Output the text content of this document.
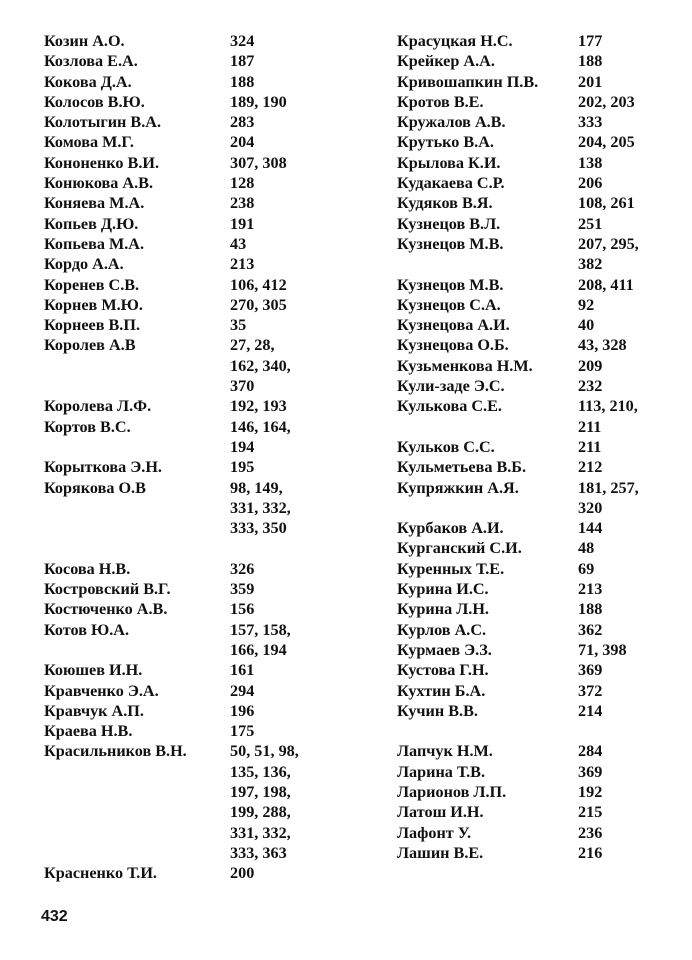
Козин А.О.	324
Козлова Е.А.	187
Кокова Д.А.	188
Колосов В.Ю.	189, 190
Колотыгин В.А.	283
Комова М.Г.	204
Кононенко В.И.	307, 308
Конюкова А.В.	128
Коняева М.А.	238
Копьев Д.Ю.	191
Копьева М.А.	43
Кордо А.А.	213
Коренев С.В.	106, 412
Корнев М.Ю.	270, 305
Корнеев В.П.	35
Королев А.В	27, 28,
162, 340,
370
Королева Л.Ф.	192, 193
Кортов В.С.	146, 164,
194
Корыткова Э.Н.	195
Корякова О.В	98, 149,
331, 332,
333, 350
Косова Н.В.	326
Костровский В.Г.	359
Костюченко А.В.	156
Котов Ю.А.	157, 158,
166, 194
Коюшев И.Н.	161
Кравченко Э.А.	294
Кравчук А.П.	196
Краева Н.В.	175
Красильников В.Н.	50, 51, 98,
135, 136,
197, 198,
199, 288,
331, 332,
333, 363
Красненко Т.И.	200
Красуцкая Н.С.	177
Крейкер А.А.	188
Кривошапкин П.В.	201
Кротов В.Е.	202, 203
Кружалов А.В.	333
Крутько В.А.	204, 205
Крылова К.И.	138
Кудакаева С.Р.	206
Кудяков В.Я.	108, 261
Кузнецов В.Л.	251
Кузнецов М.В.	207, 295,
382
Кузнецов М.В.	208, 411
Кузнецов С.А.	92
Кузнецова А.И.	40
Кузнецова О.Б.	43, 328
Кузьменкова Н.М.	209
Кули-заде Э.С.	232
Кулькова С.Е.	113, 210,
211
Кульков С.С.	211
Кульметьева В.Б.	212
Купряжкин А.Я.	181, 257,
320
Курбаков А.И.	144
Курганский С.И.	48
Куренных Т.Е.	69
Курина И.С.	213
Курина Л.Н.	188
Курлов А.С.	362
Курмаев Э.З.	71, 398
Кустова Г.Н.	369
Кухтин Б.А.	372
Кучин В.В.	214
Лапчук Н.М.	284
Ларина Т.В.	369
Ларионов Л.П.	192
Латош И.Н.	215
Лафонт У.	236
Лашин В.Е.	216
432
